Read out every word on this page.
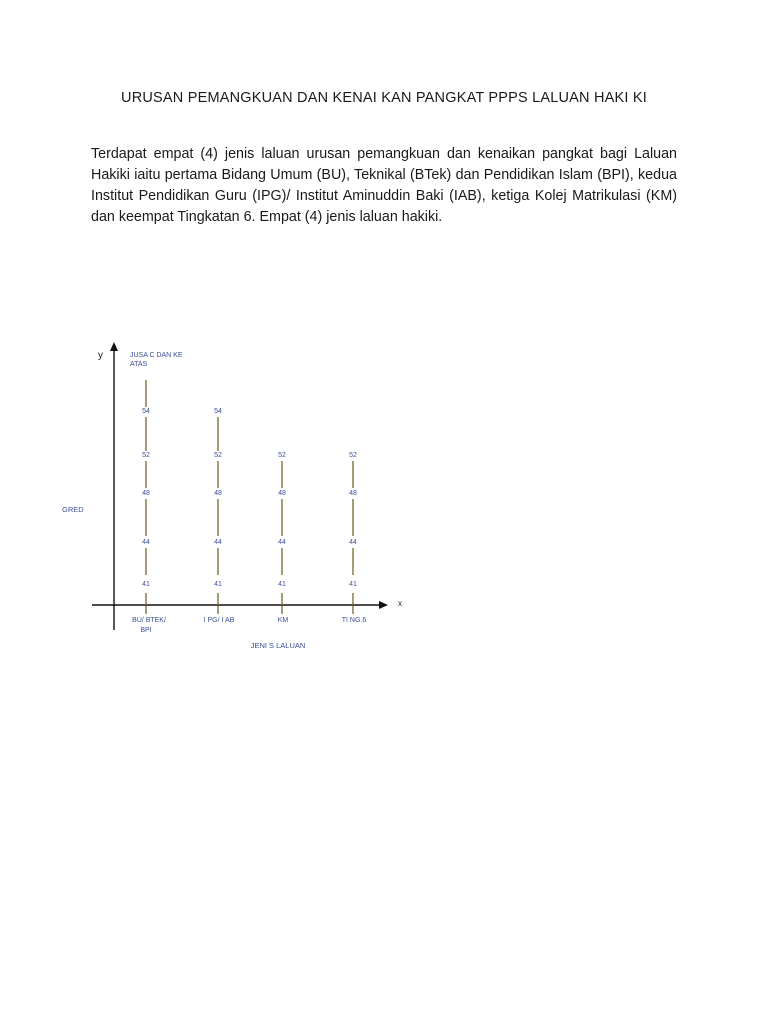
URUSAN PEMANGKUAN DAN KENAI KAN PANGKAT PPPS LALUAN HAKI KI

Terdapat empat (4) jenis laluan urusan pemangkuan dan kenaikan pangkat bagi Laluan Hakiki iaitu pertama Bidang Umum (BU), Teknikal (BTek) dan Pendidikan Islam (BPI), kedua Institut Pendidikan Guru (IPG)/ Institut Aminuddin Baki (IAB), ketiga Kolej Matrikulasi (KM) dan keempat Tingkatan 6. Empat (4) jenis laluan hakiki.

y
x
GRED
JENI S LALUAN
JUSA C DAN KE
ATAS
BU/ BTEK/
BPI
I PG/ I AB	KM	TI NG.6
41
44
48
52
54
41
44
48
52
54
41
44
48
52
41
44
48
52
